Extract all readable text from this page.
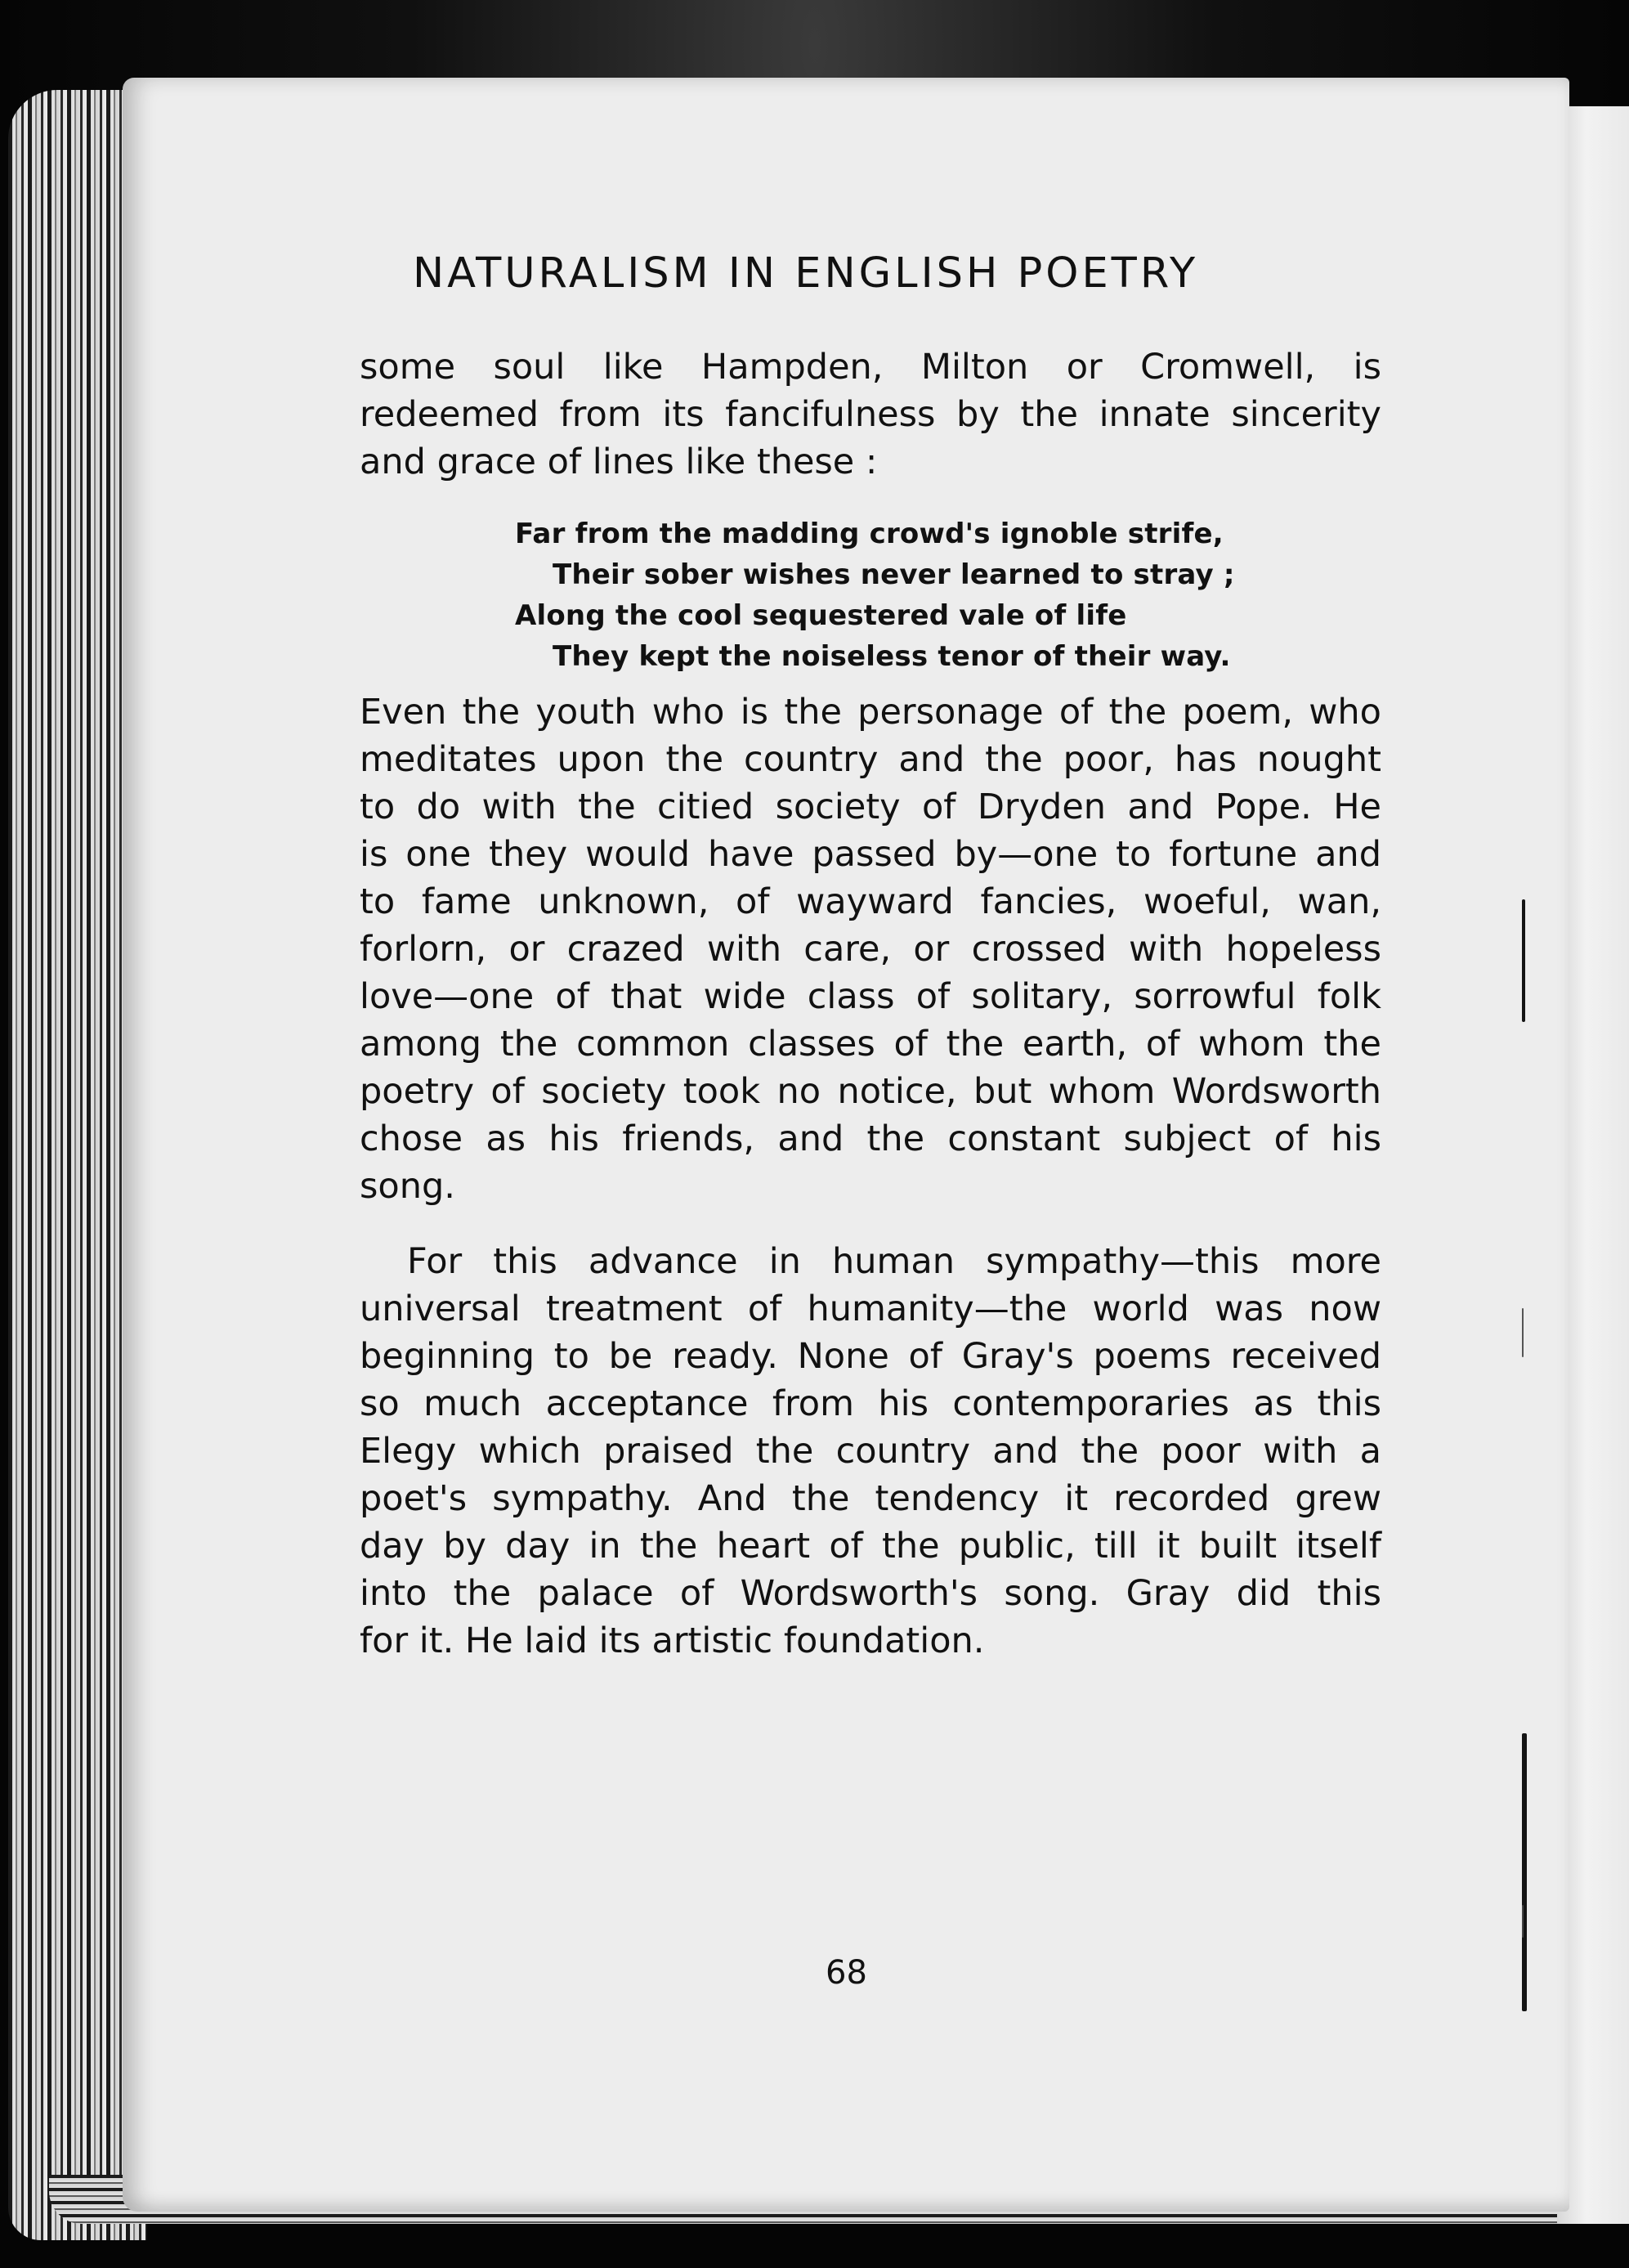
NATURALISM IN ENGLISH POETRY

some soul like Hampden, Milton or Cromwell, is
redeemed from its fancifulness by the innate sincerity
and grace of lines like these :

Far from the madding crowd's ignoble strife,
Their sober wishes never learned to stray ;
Along the cool sequestered vale of life
They kept the noiseless tenor of their way.

Even the youth who is the personage of the poem, who
meditates upon the country and the poor, has nought
to do with the citied society of Dryden and Pope. He
is one they would have passed by—one to fortune and
to fame unknown, of wayward fancies, woeful, wan,
forlorn, or crazed with care, or crossed with hopeless
love—one of that wide class of solitary, sorrowful folk
among the common classes of the earth, of whom the
poetry of society took no notice, but whom Wordsworth
chose as his friends, and the constant subject of his
song.

For this advance in human sympathy—this more
universal treatment of humanity—the world was now
beginning to be ready. None of Gray's poems received
so much acceptance from his contemporaries as this
Elegy which praised the country and the poor with a
poet's sympathy. And the tendency it recorded grew
day by day in the heart of the public, till it built itself
into the palace of Wordsworth's song. Gray did this
for it. He laid its artistic foundation.

68
